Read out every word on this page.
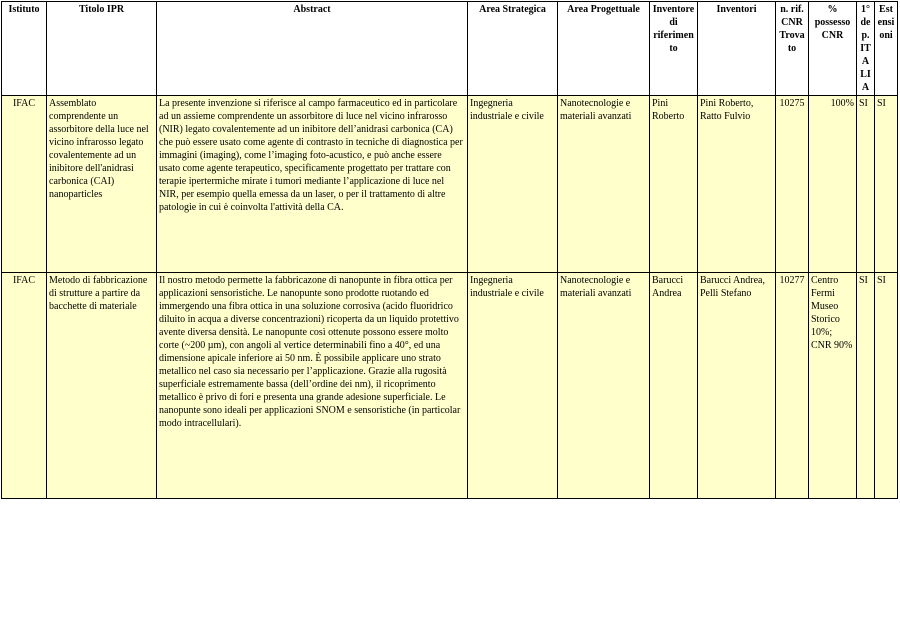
Istituto	Titolo IPR	Abstract	Area Strategica	Area Progettuale	Inventore di riferimento	Inventori	n. rif. CNR Trovato	% possesso CNR	1° dep. ITALIA	Estensioni
IFAC	Assemblato comprendente un assorbitore della luce nel vicino infrarosso legato covalentemente ad un inibitore dell'anidrasi carbonica (CAI) nanoparticles	La presente invenzione si riferisce al campo farmaceutico ed in particolare ad un assieme comprendente un assorbitore di luce nel vicino infrarosso (NIR) legato covalentemente ad un inibitore dell’anidrasi carbonica (CA) che può essere usato come agente di contrasto in tecniche di diagnostica per immagini (imaging), come l’imaging foto-acustico, e può anche essere usato come agente terapeutico, specificamente progettato per trattare con terapie ipertermiche mirate i tumori mediante l’applicazione di luce nel NIR, per esempio quella emessa da un laser, o per il trattamento di altre patologie in cui è coinvolta l'attività della CA.	Ingegneria industriale e civile	Nanotecnologie e materiali avanzati	Pini Roberto	Pini Roberto, Ratto Fulvio	10275	100%	SI	SI
IFAC	Metodo di fabbricazione di strutture a partire da bacchette di materiale	Il nostro metodo permette la fabbricazone di nanopunte in fibra ottica per applicazioni sensoristiche. Le nanopunte sono prodotte ruotando ed immergendo una fibra ottica in una soluzione corrosiva (acido fluoridrico diluito in acqua a diverse concentrazioni) ricoperta da un liquido protettivo avente diversa densità. Le nanopunte così ottenute possono essere molto corte (~200 µm), con angoli al vertice determinabili fino a 40°, ed una dimensione apicale inferiore ai 50 nm. È possibile applicare uno strato metallico nel caso sia necessario per l’applicazione. Grazie alla rugosità superficiale estremamente bassa (dell’ordine dei nm), il ricoprimento metallico è privo di fori e presenta una grande adesione superficiale. Le nanopunte sono ideali per applicazioni SNOM e sensoristiche (in particolar modo intracellulari).	Ingegneria industriale e civile	Nanotecnologie e materiali avanzati	Barucci Andrea	Barucci Andrea, Pelli Stefano	10277	Centro Fermi Museo Storico 10%; CNR 90%	SI	SI
